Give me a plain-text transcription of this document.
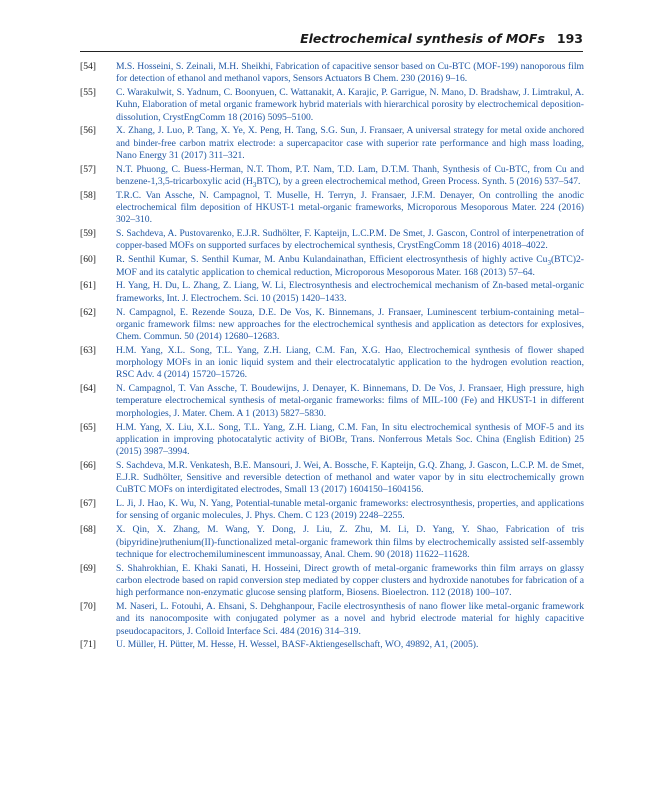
Electrochemical synthesis of MOFs 193
[54]	M.S. Hosseini, S. Zeinali, M.H. Sheikhi, Fabrication of capacitive sensor based on Cu-BTC (MOF-199) nanoporous film for detection of ethanol and methanol vapors, Sensors Actuators B Chem. 230 (2016) 9–16.
[55]	C. Warakulwit, S. Yadnum, C. Boonyuen, C. Wattanakit, A. Karajic, P. Garrigue, N. Mano, D. Bradshaw, J. Limtrakul, A. Kuhn, Elaboration of metal organic framework hybrid materials with hierarchical porosity by electrochemical deposition-dissolution, CrystEngComm 18 (2016) 5095–5100.
[56]	X. Zhang, J. Luo, P. Tang, X. Ye, X. Peng, H. Tang, S.G. Sun, J. Fransaer, A universal strategy for metal oxide anchored and binder-free carbon matrix electrode: a supercapacitor case with superior rate performance and high mass loading, Nano Energy 31 (2017) 311–321.
[57]	N.T. Phuong, C. Buess-Herman, N.T. Thom, P.T. Nam, T.D. Lam, D.T.M. Thanh, Synthesis of Cu-BTC, from Cu and benzene-1,3,5-tricarboxylic acid $(H_3BTC)$, by a green electrochemical method, Green Process. Synth. 5 (2016) 537–547.
[58]	T.R.C. Van Assche, N. Campagnol, T. Muselle, H. Terryn, J. Fransaer, J.F.M. Denayer, On controlling the anodic electrochemical film deposition of HKUST-1 metal-organic frameworks, Microporous Mesoporous Mater. 224 (2016) 302–310.
[59]	S. Sachdeva, A. Pustovarenko, E.J.R. Sudhölter, F. Kapteijn, L.C.P.M. De Smet, J. Gascon, Control of interpenetration of copper-based MOFs on supported surfaces by electrochemical synthesis, CrystEngComm 18 (2016) 4018–4022.
[60]	R. Senthil Kumar, S. Senthil Kumar, M. Anbu Kulandainathan, Efficient electrosynthesis of highly active $Cu_3(BTC)2$-MOF and its catalytic application to chemical reduction, Microporous Mesoporous Mater. 168 (2013) 57–64.
[61]	H. Yang, H. Du, L. Zhang, Z. Liang, W. Li, Electrosynthesis and electrochemical mechanism of Zn-based metal-organic frameworks, Int. J. Electrochem. Sci. 10 (2015) 1420–1433.
[62]	N. Campagnol, E. Rezende Souza, D.E. De Vos, K. Binnemans, J. Fransaer, Luminescent terbium-containing metal–organic framework films: new approaches for the electrochemical synthesis and application as detectors for explosives, Chem. Commun. 50 (2014) 12680–12683.
[63]	H.M. Yang, X.L. Song, T.L. Yang, Z.H. Liang, C.M. Fan, X.G. Hao, Electrochemical synthesis of flower shaped morphology MOFs in an ionic liquid system and their electrocatalytic application to the hydrogen evolution reaction, RSC Adv. 4 (2014) 15720–15726.
[64]	N. Campagnol, T. Van Assche, T. Boudewijns, J. Denayer, K. Binnemans, D. De Vos, J. Fransaer, High pressure, high temperature electrochemical synthesis of metal-organic frameworks: films of MIL-100 (Fe) and HKUST-1 in different morphologies, J. Mater. Chem. A 1 (2013) 5827–5830.
[65]	H.M. Yang, X. Liu, X.L. Song, T.L. Yang, Z.H. Liang, C.M. Fan, In situ electrochemical synthesis of MOF-5 and its application in improving photocatalytic activity of BiOBr, Trans. Nonferrous Metals Soc. China (English Edition) 25 (2015) 3987–3994.
[66]	S. Sachdeva, M.R. Venkatesh, B.E. Mansouri, J. Wei, A. Bossche, F. Kapteijn, G.Q. Zhang, J. Gascon, L.C.P. M. de Smet, E.J.R. Sudhölter, Sensitive and reversible detection of methanol and water vapor by in situ electrochemically grown CuBTC MOFs on interdigitated electrodes, Small 13 (2017) 1604150–1604156.
[67]	L. Ji, J. Hao, K. Wu, N. Yang, Potential-tunable metal-organic frameworks: electrosynthesis, properties, and applications for sensing of organic molecules, J. Phys. Chem. C 123 (2019) 2248–2255.
[68]	X. Qin, X. Zhang, M. Wang, Y. Dong, J. Liu, Z. Zhu, M. Li, D. Yang, Y. Shao, Fabrication of tris (bipyridine)ruthenium(II)-functionalized metal-organic framework thin films by electrochemically assisted self-assembly technique for electrochemiluminescent immunoassay, Anal. Chem. 90 (2018) 11622–11628.
[69]	S. Shahrokhian, E. Khaki Sanati, H. Hosseini, Direct growth of metal-organic frameworks thin film arrays on glassy carbon electrode based on rapid conversion step mediated by copper clusters and hydroxide nanotubes for fabrication of a high performance non-enzymatic glucose sensing platform, Biosens. Bioelectron. 112 (2018) 100–107.
[70]	M. Naseri, L. Fotouhi, A. Ehsani, S. Dehghanpour, Facile electrosynthesis of nano flower like metal-organic framework and its nanocomposite with conjugated polymer as a novel and hybrid electrode material for highly capacitive pseudocapacitors, J. Colloid Interface Sci. 484 (2016) 314–319.
[71]	U. Müller, H. Pütter, M. Hesse, H. Wessel, BASF-Aktiengesellschaft, WO, 49892, A1, (2005).
